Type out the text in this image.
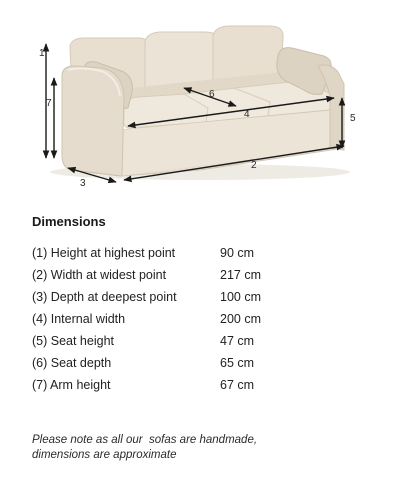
1
7
2
3
4	5
6
Dimensions
(1) Height at highest point	90 cm
(2) Width at widest point	217 cm
(3) Depth at deepest point	100 cm
(4) Internal width	200 cm
(5) Seat height	47 cm
(6) Seat depth	65 cm
(7) Arm height	67 cm
Please note as all our  sofas are handmade,
dimensions are approximate
